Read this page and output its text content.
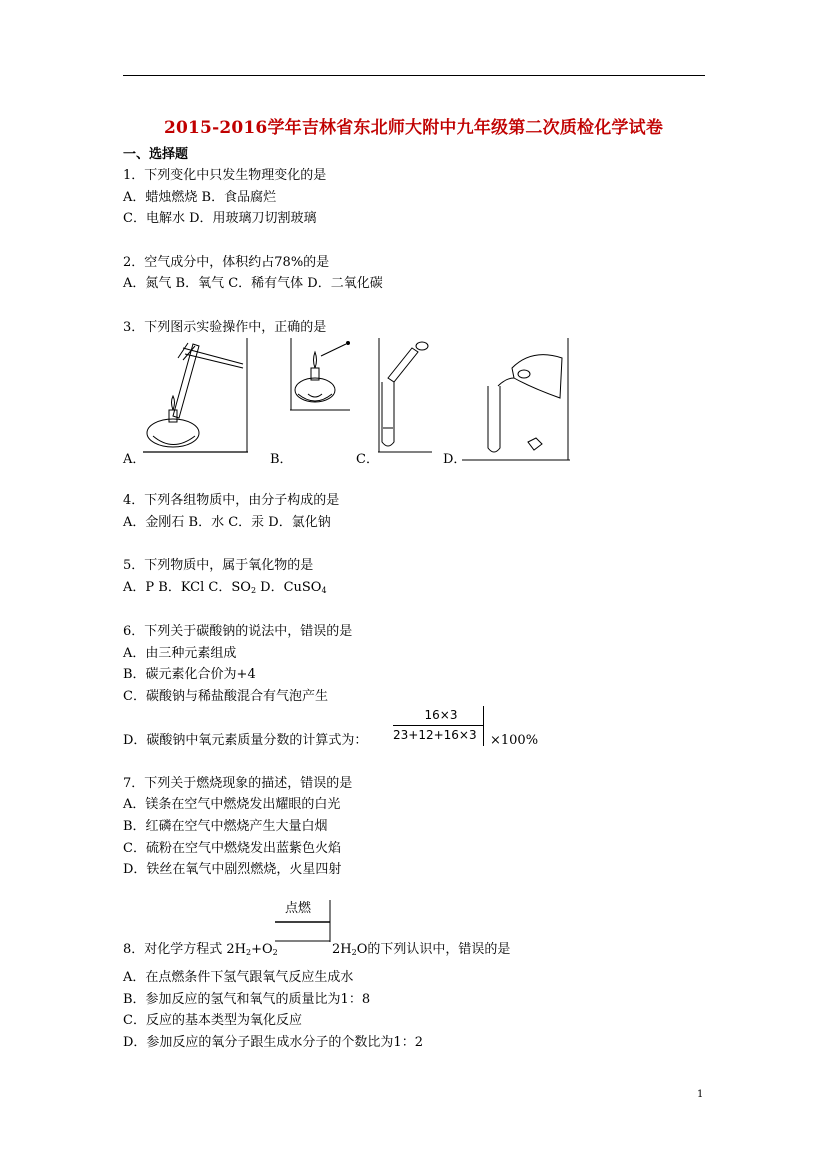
2015-2016学年吉林省东北师大附中九年级第二次质检化学试卷
一、选择题
1．下列变化中只发生物理变化的是
A．蜡烛燃烧 B．食品腐烂
C．电解水 D．用玻璃刀切割玻璃
2．空气成分中，体积约占78%的是
A．氮气 B．氧气 C．稀有气体 D．二氧化碳
3．下列图示实验操作中，正确的是
A．	B．	C．	D．
4．下列各组物质中，由分子构成的是
A．金刚石 B．水 C．汞 D．氯化钠
5．下列物质中，属于氧化物的是
A．P B．KCl C．$SO_2$ D．CuSO$_4$
6．下列关于碳酸钠的说法中，错误的是
A．由三种元素组成
B．碳元素化合价为+4
C．碳酸钠与稀盐酸混合有气泡产生
D．碳酸钠中氧元素质量分数的计算式为：
16×3
23+12+16×3	×100%
7．下列关于燃烧现象的描述，错误的是
A．镁条在空气中燃烧发出耀眼的白光
B．红磷在空气中燃烧产生大量白烟
C．硫粉在空气中燃烧发出蓝紫色火焰
D．铁丝在氧气中剧烈燃烧，火星四射
点燃
8．对化学方程式 $2H_2+O_2$	$2H_2O$的下列认识中，错误的是
A．在点燃条件下氢气跟氧气反应生成水
B．参加反应的氢气和氧气的质量比为1：8
C．反应的基本类型为氧化反应
D．参加反应的氧分子跟生成水分子的个数比为1：2
1
